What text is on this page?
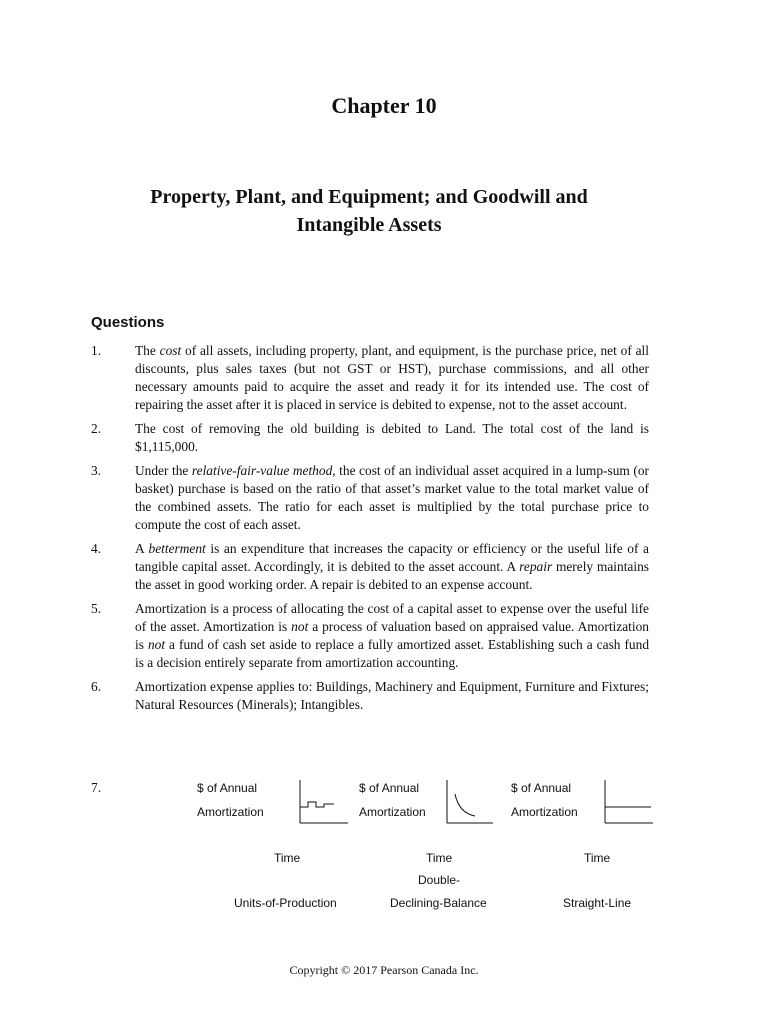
Chapter 10
Property, Plant, and Equipment; and Goodwill and
Intangible Assets
Questions
1.	The cost of all assets, including property, plant, and equipment, is the purchase price, net of all discounts, plus sales taxes (but not GST or HST), purchase commissions, and all other necessary amounts paid to acquire the asset and ready it for its intended use. The cost of repairing the asset after it is placed in service is debited to expense, not to the asset account.
2.	The cost of removing the old building is debited to Land. The total cost of the land is $1,115,000.
3.	Under the relative-fair-value method, the cost of an individual asset acquired in a lump-sum (or basket) purchase is based on the ratio of that asset’s market value to the total market value of the combined assets. The ratio for each asset is multiplied by the total purchase price to compute the cost of each asset.
4.	A betterment is an expenditure that increases the capacity or efficiency or the useful life of a tangible capital asset. Accordingly, it is debited to the asset account. A repair merely maintains the asset in good working order. A repair is debited to an expense account.
5.	Amortization is a process of allocating the cost of a capital asset to expense over the useful life of the asset. Amortization is not a process of valuation based on appraised value. Amortization is not a fund of cash set aside to replace a fully amortized asset. Establishing such a cash fund is a decision entirely separate from amortization accounting.
6.	Amortization expense applies to: Buildings, Machinery and Equipment, Furniture and Fixtures; Natural Resources (Minerals); Intangibles.
7.	$ of Annual
Amortization
Time
Units-of-Production
$ of Annual
Amortization
Time
Double-
Declining-Balance
$ of Annual
Amortization
Time
Straight-Line
Copyright © 2017 Pearson Canada Inc.
